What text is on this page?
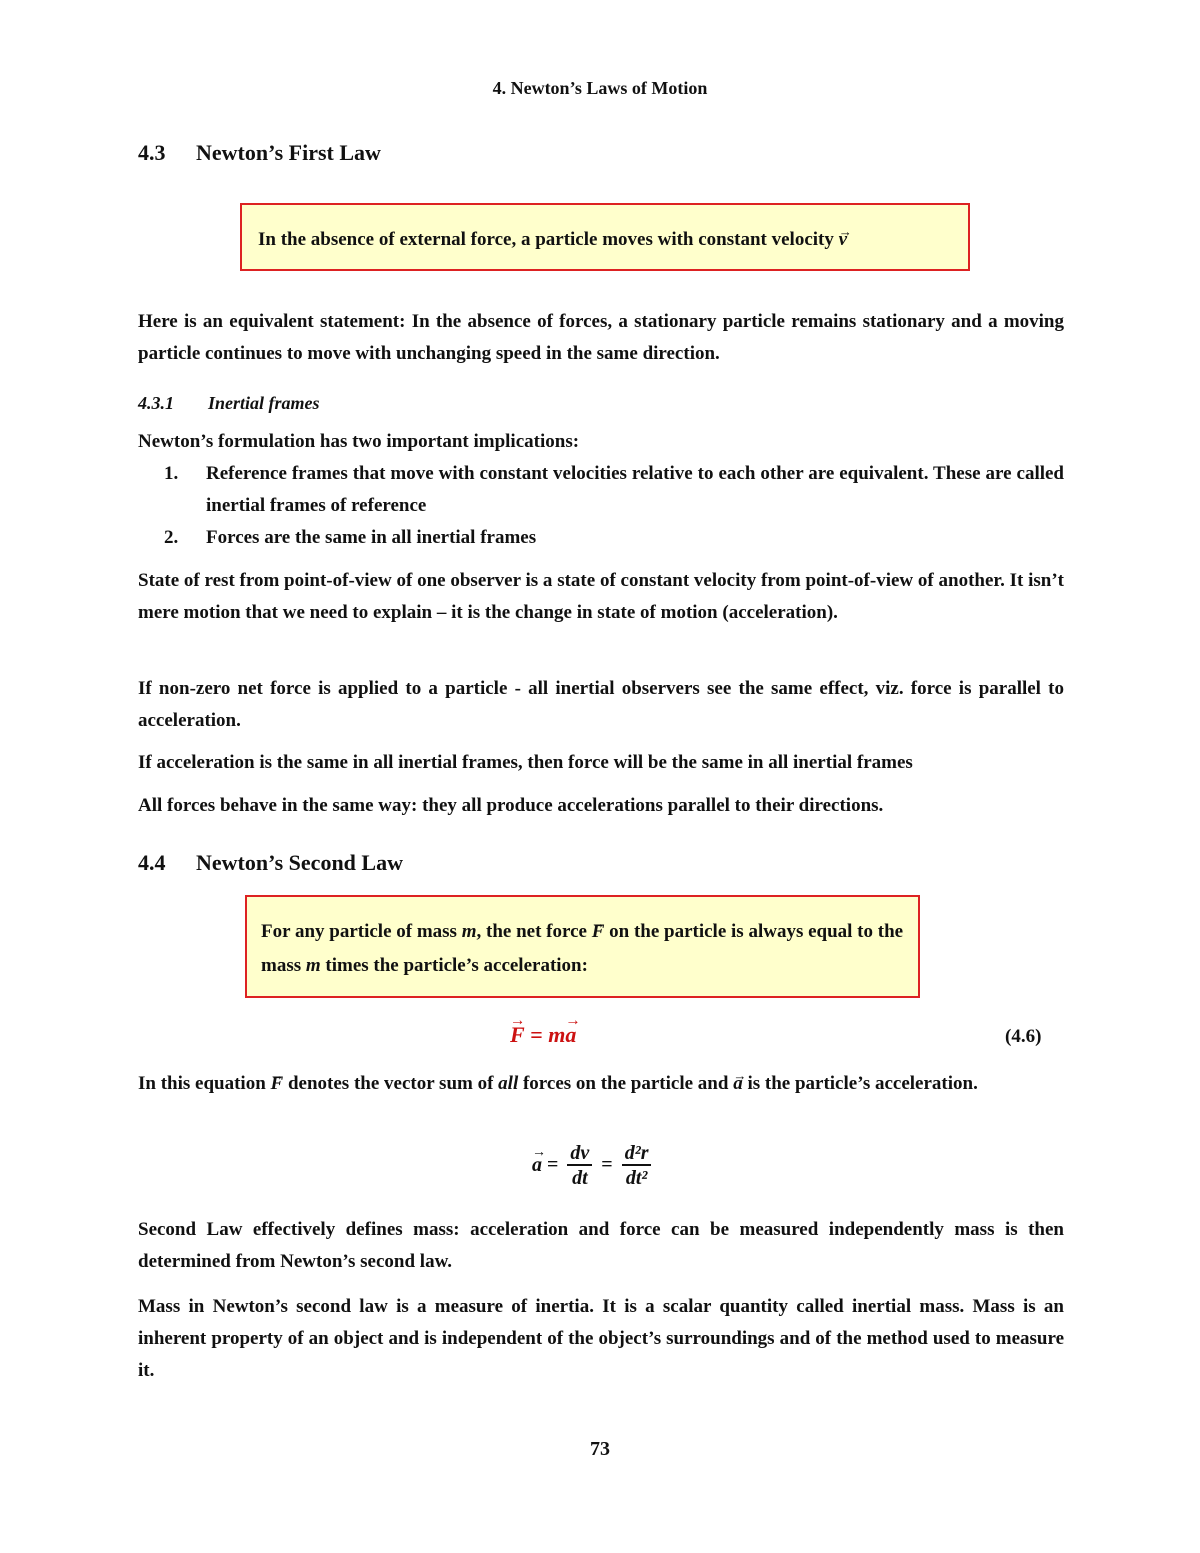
4. Newton’s Laws of Motion
4.3 Newton’s First Law
In the absence of external force, a particle moves with constant velocity v →
Here is an equivalent statement: In the absence of forces, a stationary particle remains stationary and a moving particle continues to move with unchanging speed in the same direction.
4.3.1 Inertial frames
Newton’s formulation has two important implications:
1. Reference frames that move with constant velocities relative to each other are equivalent. These are called inertial frames of reference
2. Forces are the same in all inertial frames
State of rest from point-of-view of one observer is a state of constant velocity from point-of-view of another. It isn’t mere motion that we need to explain – it is the change in state of motion (acceleration).
If non-zero net force is applied to a particle - all inertial observers see the same effect, viz. force is parallel to acceleration.
If acceleration is the same in all inertial frames, then force will be the same in all inertial frames
All forces behave in the same way: they all produce accelerations parallel to their directions.
4.4 Newton’s Second Law
For any particle of mass m, the net force F → on the particle is always equal to the mass m times the particle’s acceleration:
F → = ma →	(4.6)
In this equation F → denotes the vector sum of all forces on the particle and a → is the particle’s acceleration.
a → = $\frac{dv}{dt} = \frac{\text{d²r}}{\text{dt²}}$
Second Law effectively defines mass: acceleration and force can be measured independently mass is then determined from Newton’s second law.
Mass in Newton’s second law is a measure of inertia. It is a scalar quantity called inertial mass. Mass is an inherent property of an object and is independent of the object’s surroundings and of the method used to measure it.
73
